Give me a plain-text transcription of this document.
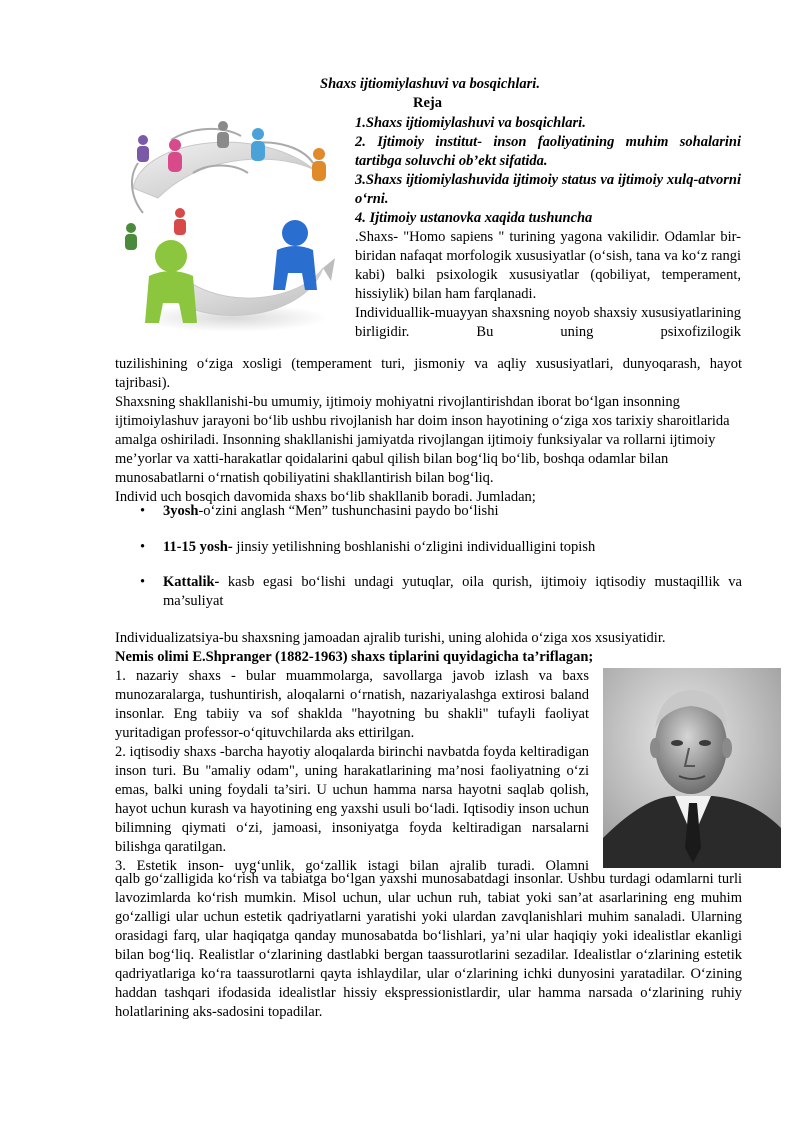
Shaxs ijtiomiylashuvi va bosqichlari.
Reja

1.Shaxs ijtiomiylashuvi va bosqichlari.

2. Ijtimoiy institut- inson faoliyatining muhim sohalarini tartibga soluvchi ob’ekt sifatida.

3.Shaxs ijtiomiylashuvida ijtimoiy status va ijtimoiy xulq-atvorni o‘rni.

4. Ijtimoiy ustanovka xaqida tushuncha

.Shaxs- "Homo sapiens " turining yagona vakilidir. Odamlar bir-biridan nafaqat morfologik xususiyatlar (o‘sish, tana va ko‘z rangi kabi) balki psixologik xususiyatlar (qobiliyat, temperament, hissiylik) bilan ham farqlanadi.

Individuallik-muayyan shaxsning noyob shaxsiy xususiyatlarining birligidir. Bu uning psixofizilogik

tuzilishining o‘ziga xosligi (temperament turi, jismoniy va aqliy xususiyatlari, dunyoqarash, hayot tajribasi).

Shaxsning shakllanishi-bu umumiy, ijtimoiy mohiyatni rivojlantirishdan iborat bo‘lgan insonning ijtimoiylashuv jarayoni bo‘lib ushbu rivojlanish har doim inson hayotining o‘ziga xos tarixiy sharoitlarida amalga oshiriladi. Insonning shakllanishi jamiyatda rivojlangan ijtimoiy funksiyalar va rollarni ijtimoiy me’yorlar va xatti-harakatlar qoidalarini qabul qilish bilan bog‘liq bo‘lib, boshqa odamlar bilan munosabatlarni o‘rnatish qobiliyatini shakllantirish bilan bog‘liq.

Individ uch bosqich davomida shaxs bo‘lib shakllanib boradi. Jumladan;

• 3yosh-o‘zini anglash “Men” tushunchasini paydo bo‘lishi
• 11-15 yosh- jinsiy yetilishning boshlanishi o‘zligini individualligini topish
• Kattalik- kasb egasi bo‘lishi undagi yutuqlar, oila qurish, ijtimoiy iqtisodiy mustaqillik va ma’suliyat

Individualizatsiya-bu shaxsning jamoadan ajralib turishi, uning alohida o‘ziga xos xsusiyatidir.

Nemis olimi E.Shpranger (1882-1963) shaxs tiplarini quyidagicha ta’riflagan;

1. nazariy shaxs - bular muammolarga, savollarga javob izlash va baxs munozaralarga, tushuntirish, aloqalarni o‘rnatish, nazariyalashga extirosi baland insonlar. Eng tabiiy va sof shaklda "hayotning bu shakli" tufayli faoliyat yuritadigan professor-o‘qituvchilarda aks ettirilgan.

2. iqtisodiy shaxs -barcha hayotiy aloqalarda birinchi navbatda foyda keltiradigan inson turi. Bu "amaliy odam", uning harakatlarining ma’nosi faoliyatning o‘zi emas, balki uning foydali ta’siri. U uchun hamma narsa hayotni saqlab qolish, hayot uchun kurash va hayotining eng yaxshi usuli bo‘ladi. Iqtisodiy inson uchun bilimning qiymati o‘zi, jamoasi, insoniyatga foyda keltiradigan narsalarni bilishga qaratilgan.

3. Estetik inson- uyg‘unlik, go‘zallik istagi bilan ajralib turadi. Olamni

qalb go‘zalligida ko‘rish va tabiatga bo‘lgan yaxshi munosabatdagi insonlar. Ushbu turdagi odamlarni turli lavozimlarda ko‘rish mumkin. Misol uchun, ular uchun ruh, tabiat yoki san’at asarlarining eng muhim go‘zalligi ular uchun estetik qadriyatlarni yaratishi yoki ulardan zavqlanishlari muhim sanaladi. Ularning orasidagi farq, ular haqiqatga qanday munosabatda bo‘lishlari, ya’ni ular haqiqiy yoki idealistlar ekanligi bilan bog‘liq. Realistlar o‘zlarining dastlabki bergan taassurotlarini sezadilar. Idealistlar o‘zlarining estetik qadriyatlariga ko‘ra taassurotlarni qayta ishlaydilar, ular o‘zlarining ichki dunyosini yaratadilar. O‘zining haddan tashqari ifodasida idealistlar hissiy ekspressionistlardir, ular hamma narsada o‘zlarining ruhiy holatlarining aks-sadosini topadilar.
